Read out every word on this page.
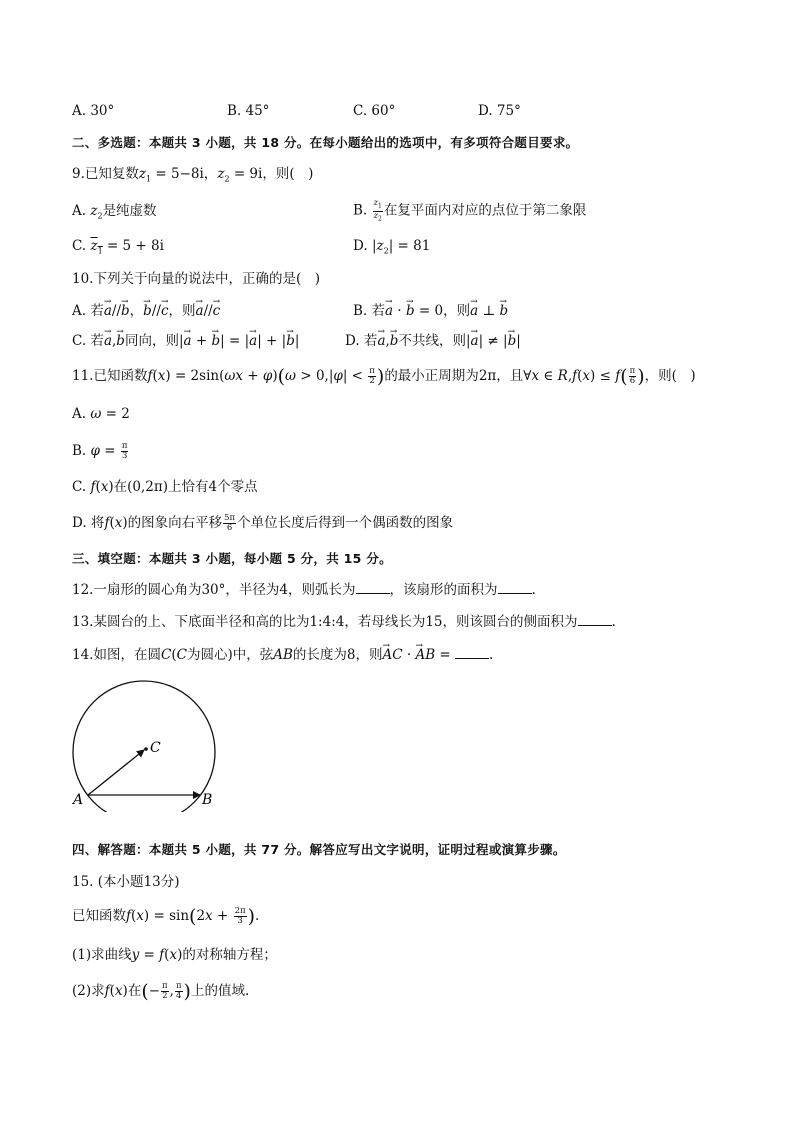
A. 30°	B. 45°	C. 60°	D. 75°
二、多选题：本题共 3 小题，共 18 分。在每小题给出的选项中，有多项符合题目要求。
9.已知复数$z_1 = 5-8i$，$z_2 = 9i$，则(　)
A. $z_2$是纯虚数	B. $\frac{z_1}{z_2}$ 在复平面内对应的点位于第二象限
C. $z_1 = 5 + 8i$	D. $|z_2| = 81$
10.下列关于向量的说法中，正确的是(　)
A. 若→ a//→ b，→ b//→ c，则→ a//→ c	B. 若→ a · → b = 0，则→ a ⊥ → b
C. 若→ a,→ b同向，则|→ a + → b| = |→ a| + |→ b|	D. 若→ a,→ b不共线，则|→ a| ≠ |→ b|
11.已知函数$f(x) = 2\sin(\omega x + \varphi)(\omega > 0,|\varphi| < \frac{\pi}{2}$ )的最小正周期为2π，且∀x ∈ $R,f(x) \le f( \frac{\pi}{6}$ )，则(　)
A. ω = 2
B. $\varphi = \frac{\pi}{3}$
C. f(x)在(0,2π)上恰有4个零点
D. 将f(x)的图象向右平移 $\frac{5\pi}{6}$ 个单位长度后得到一个偶函数的图象
三、填空题：本题共 3 小题，每小题 5 分，共 15 分。
12.一扇形的圆心角为30°，半径为4，则弧长为	，该扇形的面积为	.
13.某圆台的上、下底面半径和高的比为1:4:4，若母线长为15，则该圆台的侧面积为	.
14.如图，在圆C(C为圆心)中，弦AB的长度为8，则→ AC · → AB =	.
C
A	B
四、解答题：本题共 5 小题，共 77 分。解答应写出文字说明，证明过程或演算步骤。
15. (本小题13分)
已知函数$f(x) = \sin(2x + \frac{2\pi}{3}$ ).
(1)求曲线y = f(x)的对称轴方程；
(2)求f(x)在(− $\frac{\pi}{2}$ , $\frac{\pi}{4}$ )上的值域.
